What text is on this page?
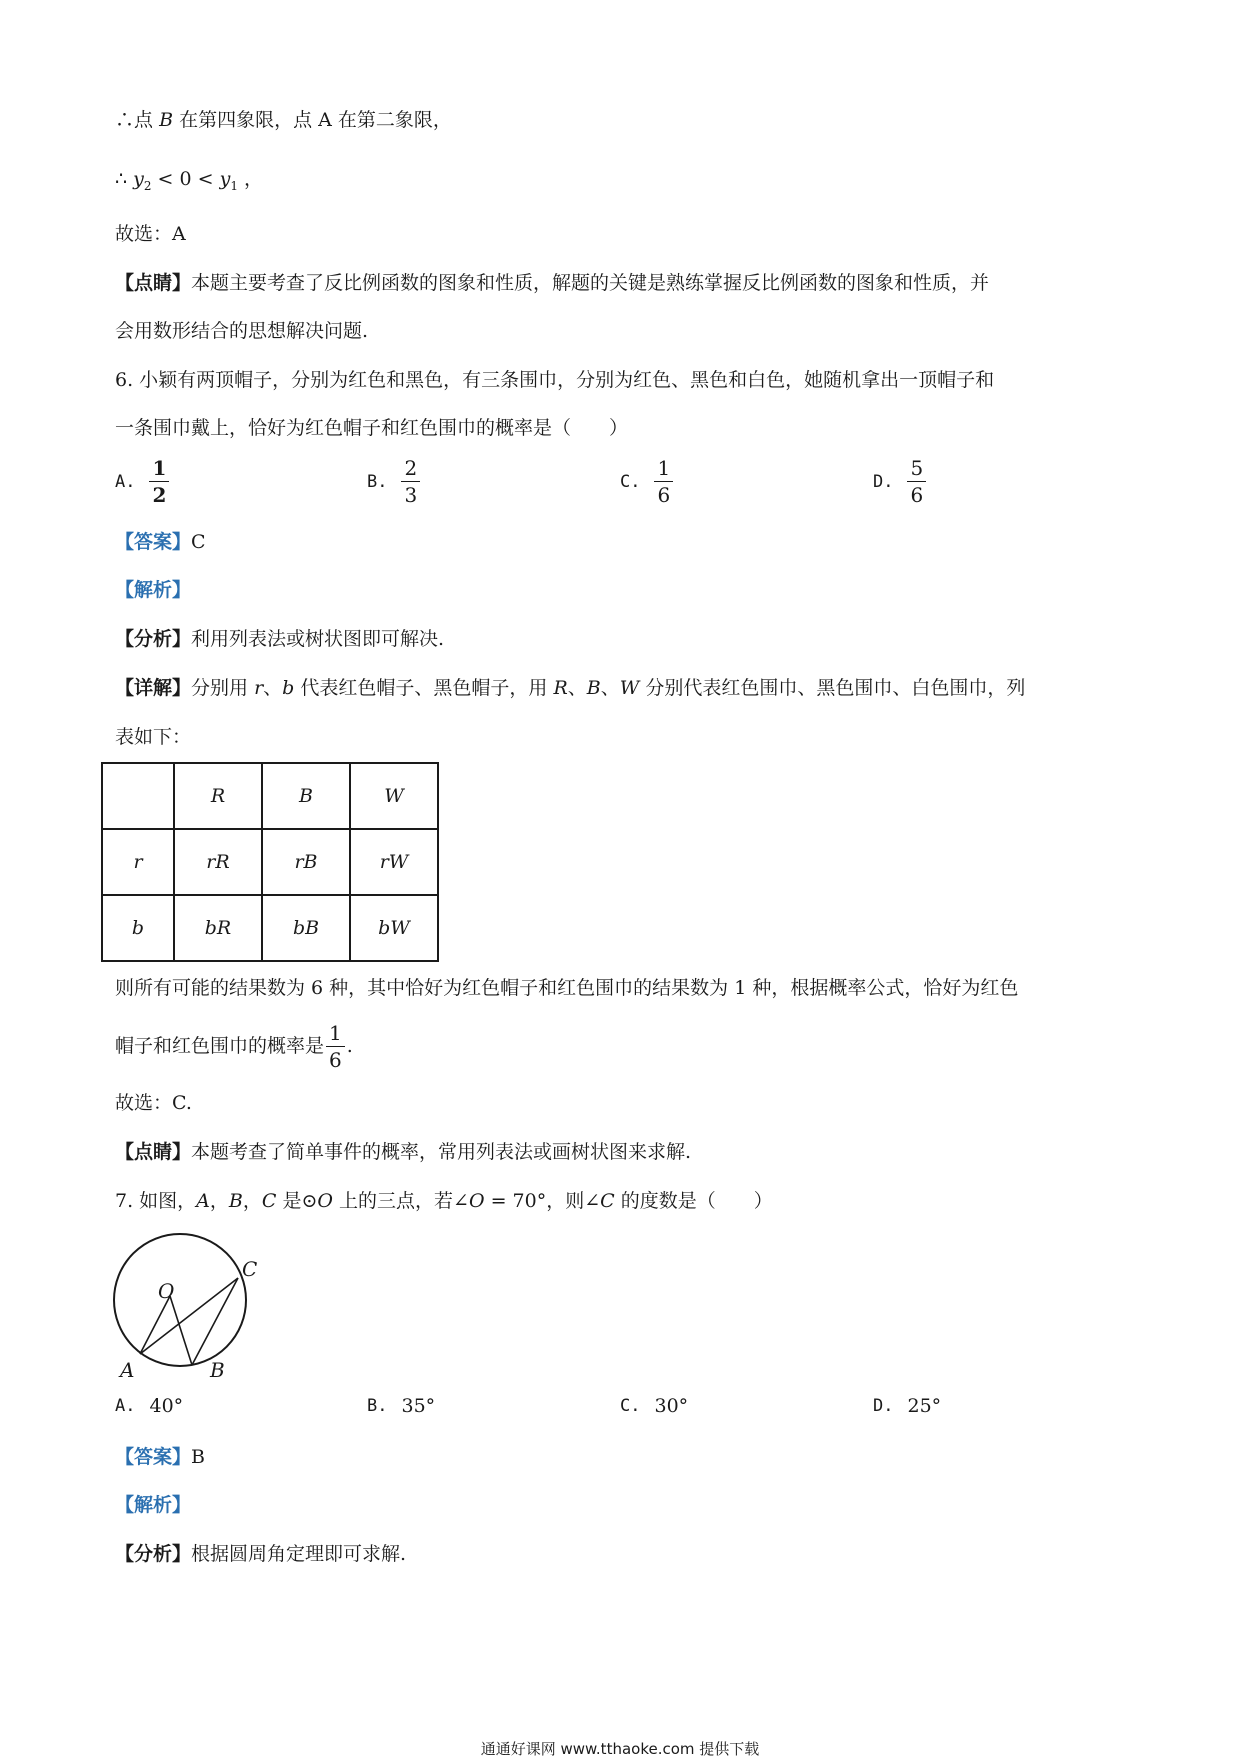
∴点 B 在第四象限，点 A 在第二象限，
∴ $y_2 < 0 < y_1$ ，
故选：A
【点睛】本题主要考查了反比例函数的图象和性质，解题的关键是熟练掌握反比例函数的图象和性质，并
会用数形结合的思想解决问题.
6. 小颖有两顶帽子，分别为红色和黑色，有三条围巾，分别为红色、黑色和白色，她随机拿出一顶帽子和
一条围巾戴上，恰好为红色帽子和红色围巾的概率是（　　）
A. $\frac{1}{2}$	B. $\frac{2}{3}$	C. $\frac{1}{6}$	D. $\frac{5}{6}$
【答案】C
【解析】
【分析】利用列表法或树状图即可解决.
【详解】分别用 r、b 代表红色帽子、黑色帽子，用 R、B、W 分别代表红色围巾、黑色围巾、白色围巾，列
表如下：
	R	B	W
r	rR	rB	rW
b	bR	bB	bW
则所有可能的结果数为 6 种，其中恰好为红色帽子和红色围巾的结果数为 1 种，根据概率公式，恰好为红色
帽子和红色围巾的概率是 $\frac{1}{6}$ .
故选：C.
【点睛】本题考查了简单事件的概率，常用列表法或画树状图来求解.
7. 如图，A，B，C 是⊙O 上的三点，若∠O = 70°，则∠C 的度数是（　　）
O
A	B
C
A. 40°	B. 35°	C. 30°	D. 25°
【答案】B
【解析】
【分析】根据圆周角定理即可求解.
通通好课网 www.tthaoke.com 提供下载
